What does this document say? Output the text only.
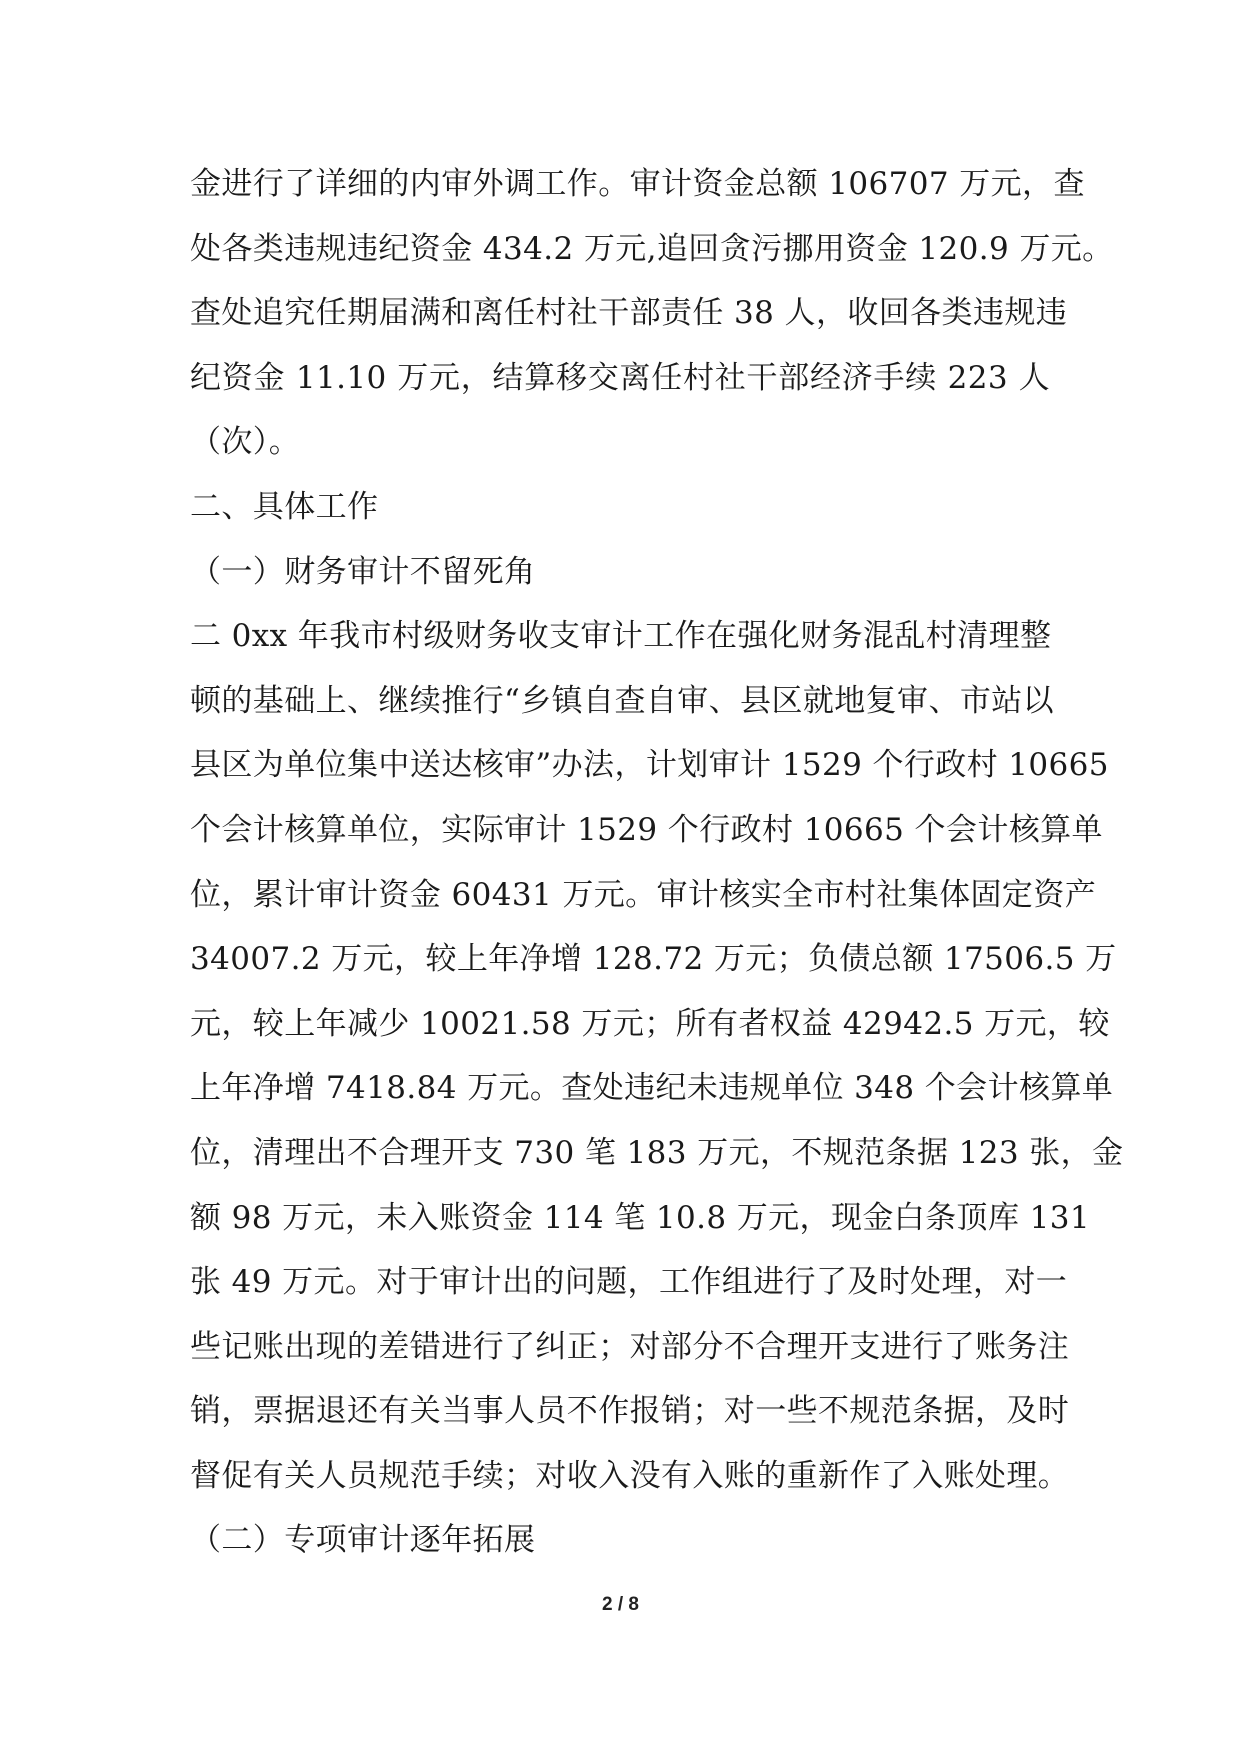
金进行了详细的内审外调工作。审计资金总额 106707 万元，查
处各类违规违纪资金 434.2 万元,追回贪污挪用资金 120.9 万元。
查处追究任期届满和离任村社干部责任 38 人，收回各类违规违
纪资金 11.10 万元，结算移交离任村社干部经济手续 223 人
（次）。
二、具体工作
（一）财务审计不留死角
二 0xx 年我市村级财务收支审计工作在强化财务混乱村清理整
顿的基础上、继续推行“乡镇自查自审、县区就地复审、市站以
县区为单位集中送达核审”办法，计划审计 1529 个行政村 10665
个会计核算单位，实际审计 1529 个行政村 10665 个会计核算单
位，累计审计资金 60431 万元。审计核实全市村社集体固定资产
34007.2 万元，较上年净增 128.72 万元；负债总额 17506.5 万
元，较上年减少 10021.58 万元；所有者权益 42942.5 万元，较
上年净增 7418.84 万元。查处违纪未违规单位 348 个会计核算单
位，清理出不合理开支 730 笔 183 万元，不规范条据 123 张，金
额 98 万元，未入账资金 114 笔 10.8 万元，现金白条顶库 131
张 49 万元。对于审计出的问题，工作组进行了及时处理，对一
些记账出现的差错进行了纠正；对部分不合理开支进行了账务注
销，票据退还有关当事人员不作报销；对一些不规范条据，及时
督促有关人员规范手续；对收入没有入账的重新作了入账处理。
（二）专项审计逐年拓展
2 / 8
